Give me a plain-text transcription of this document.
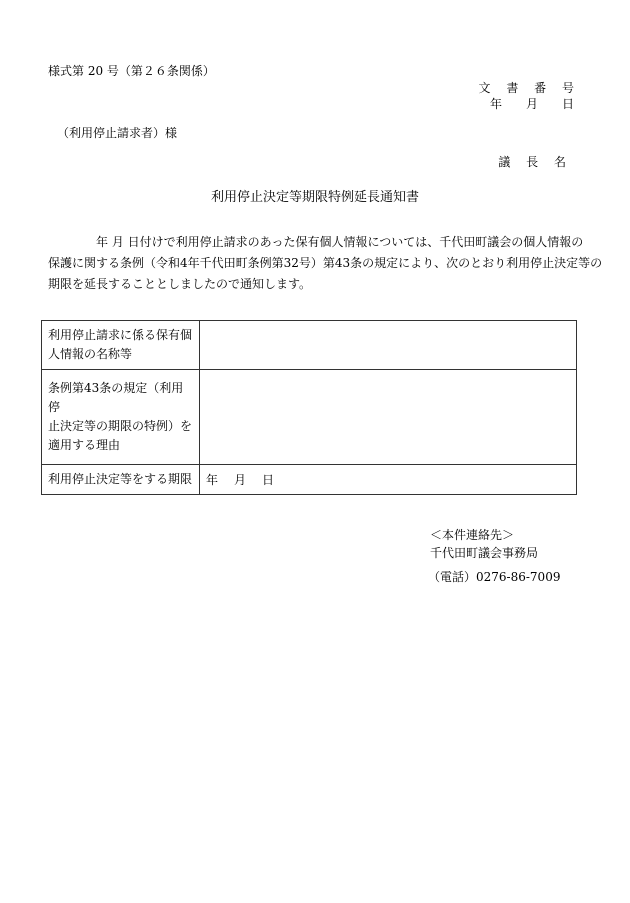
様式第 20 号（第２６条関係）
文 書 番 号
年　月　日
（利用停止請求者）様
議 長 名
利用停止決定等期限特例延長通知書

　年 月 日付けで利用停止請求のあった保有個人情報については、千代田町議会の個人情報の

保護に関する条例（令和4年千代田町条例第32号）第43条の規定により、次のとおり利用停止決定等の

期限を延長することとしましたので通知します。

利用停止請求に係る保有個
人情報の名称等	

条例第43条の規定（利用停
止決定等の期限の特例）を
適用する理由	

利用停止決定等をする期限	年　月　日
＜本件連絡先＞
千代田町議会事務局
（電話）0276-86-7009
